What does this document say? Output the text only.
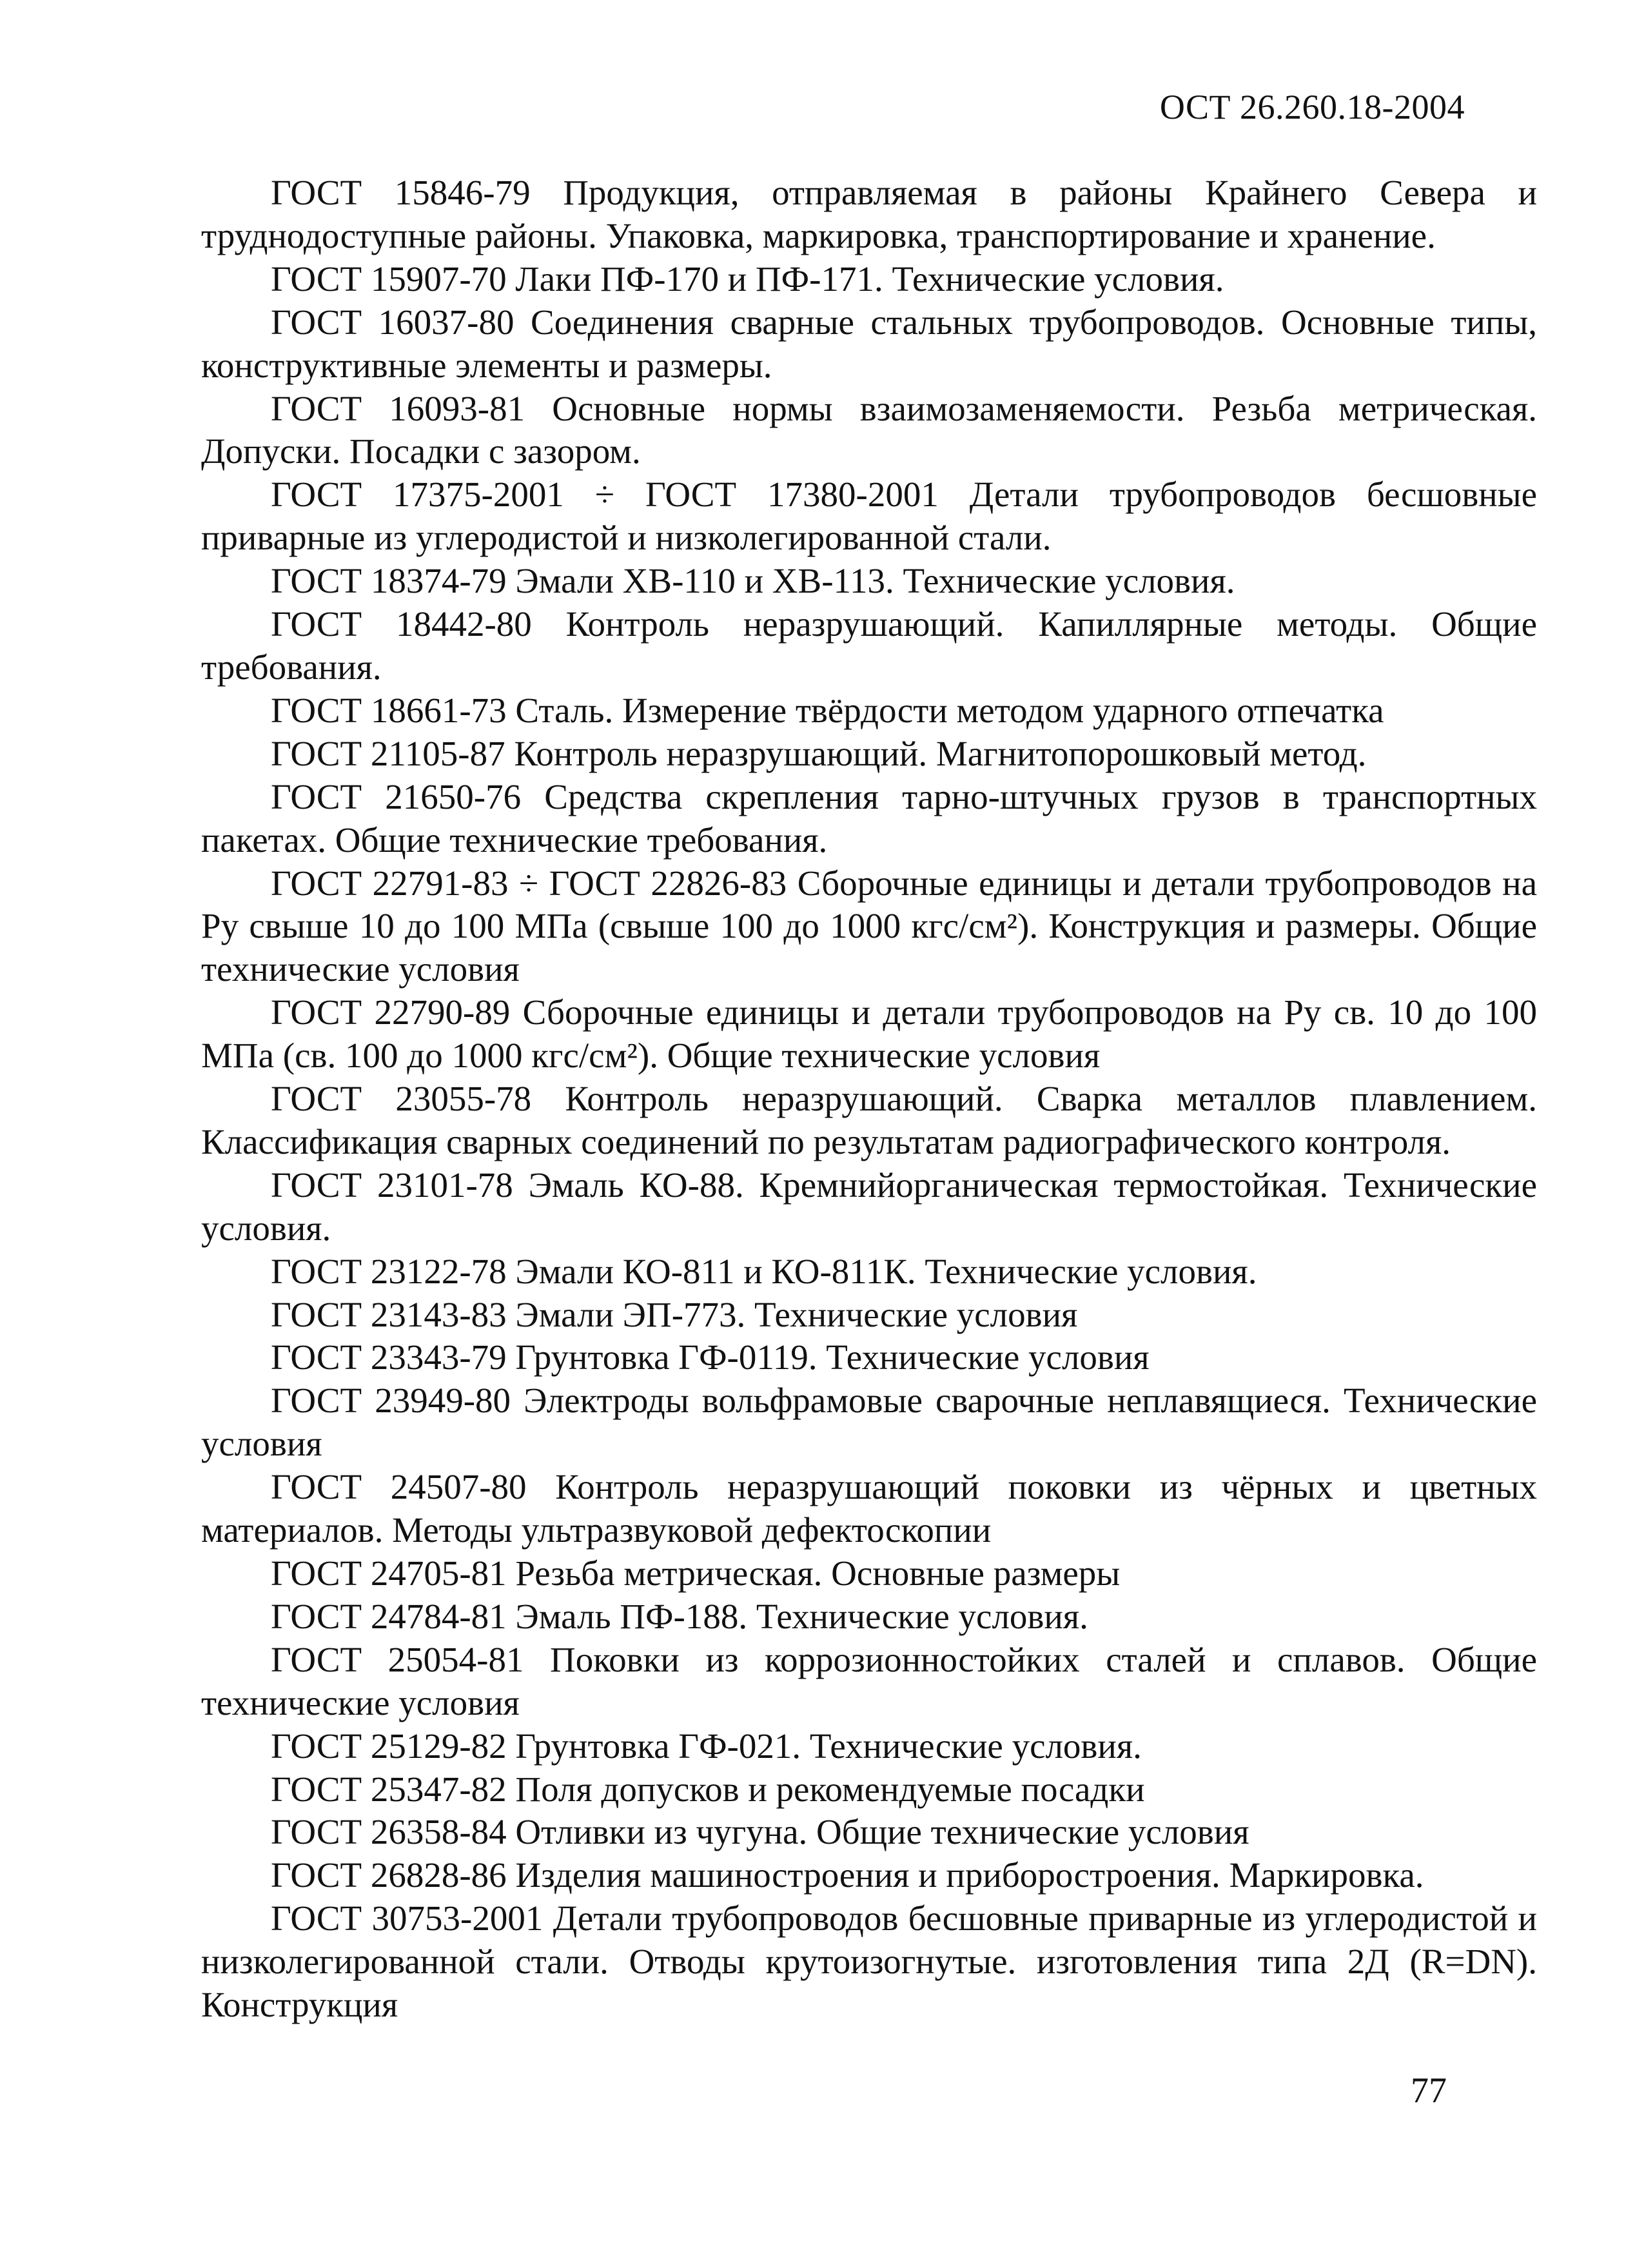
ОСТ 26.260.18-2004

ГОСТ 15846-79 Продукция, отправляемая в районы Крайнего Севера и труднодоступные районы. Упаковка, маркировка, транспортирование и хранение.

ГОСТ 15907-70 Лаки ПФ-170 и ПФ-171. Технические условия.

ГОСТ 16037-80 Соединения сварные стальных трубопроводов. Основные типы, конструктивные элементы и размеры.

ГОСТ 16093-81 Основные нормы взаимозаменяемости. Резьба метрическая. Допуски. Посадки с зазором.

ГОСТ 17375-2001 ÷ ГОСТ 17380-2001 Детали трубопроводов бесшовные приварные из углеродистой и низколегированной стали.

ГОСТ 18374-79 Эмали ХВ-110 и ХВ-113. Технические условия.

ГОСТ 18442-80 Контроль неразрушающий. Капиллярные методы. Общие требования.

ГОСТ 18661-73 Сталь. Измерение твёрдости методом ударного отпечатка

ГОСТ 21105-87 Контроль неразрушающий. Магнитопорошковый метод.

ГОСТ 21650-76 Средства скрепления тарно-штучных грузов в транспортных пакетах. Общие технические требования.

ГОСТ 22791-83 ÷ ГОСТ 22826-83 Сборочные единицы и детали трубопроводов на Ру свыше 10 до 100 МПа (свыше 100 до 1000 кгс/см²). Конструкция и размеры. Общие технические условия

ГОСТ 22790-89 Сборочные единицы и детали трубопроводов на Ру св. 10 до 100 МПа (св. 100 до 1000 кгс/см²). Общие технические условия

ГОСТ 23055-78 Контроль неразрушающий. Сварка металлов плавлением. Классификация сварных соединений по результатам радиографического контроля.

ГОСТ 23101-78 Эмаль КО-88. Кремнийорганическая термостойкая. Технические условия.

ГОСТ 23122-78 Эмали КО-811 и КО-811К. Технические условия.

ГОСТ 23143-83 Эмали ЭП-773. Технические условия

ГОСТ 23343-79 Грунтовка ГФ-0119. Технические условия

ГОСТ 23949-80 Электроды вольфрамовые сварочные неплавящиеся. Технические условия

ГОСТ 24507-80 Контроль неразрушающий поковки из чёрных и цветных материалов. Методы ультразвуковой дефектоскопии

ГОСТ 24705-81 Резьба метрическая. Основные размеры

ГОСТ 24784-81 Эмаль ПФ-188. Технические условия.

ГОСТ 25054-81 Поковки из коррозионностойких сталей и сплавов. Общие технические условия

ГОСТ 25129-82 Грунтовка ГФ-021. Технические условия.

ГОСТ 25347-82 Поля допусков и рекомендуемые посадки

ГОСТ 26358-84 Отливки из чугуна. Общие технические условия

ГОСТ 26828-86 Изделия машиностроения и приборостроения. Маркировка.

ГОСТ 30753-2001 Детали трубопроводов бесшовные приварные из углеродистой и низколегированной стали. Отводы крутоизогнутые. изготовления типа 2Д (R=DN). Конструкция

77
